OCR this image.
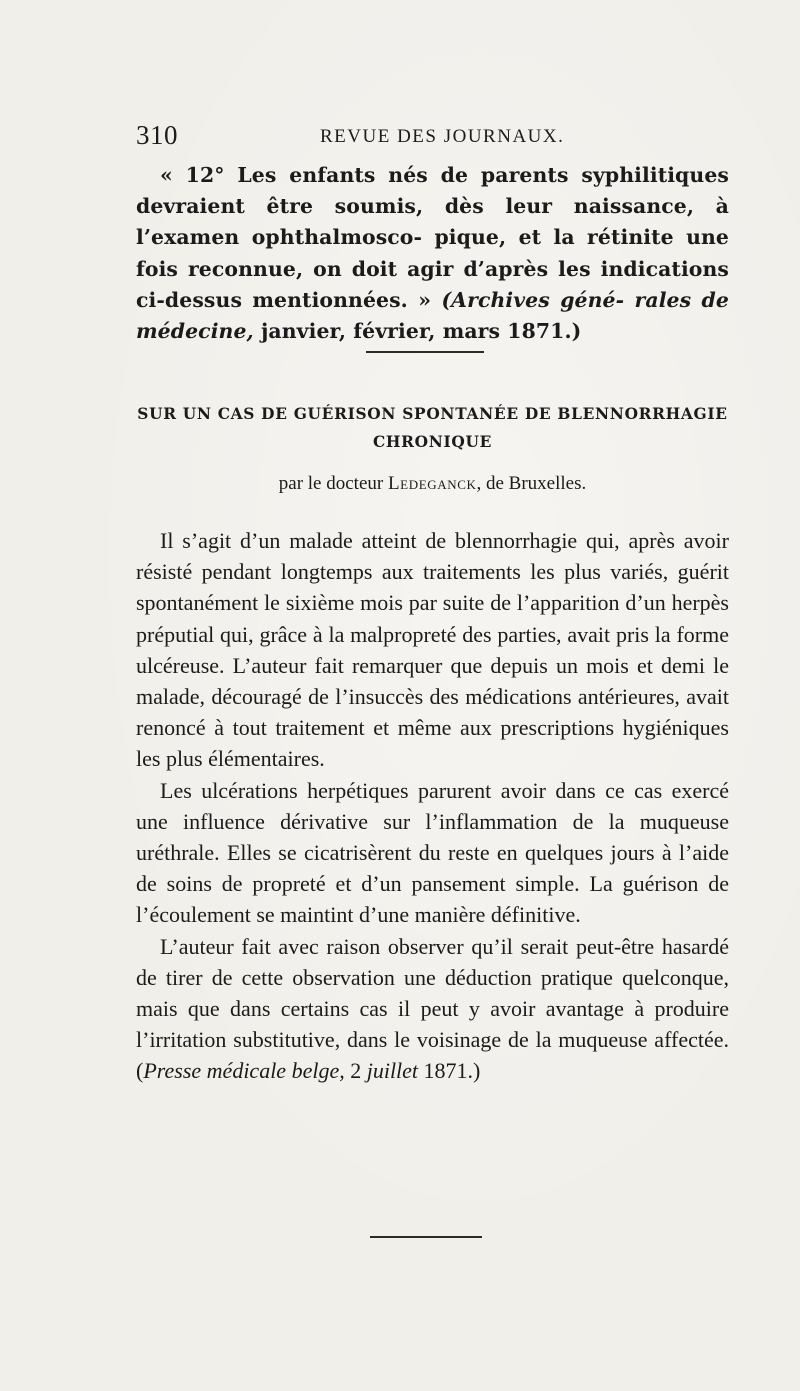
310	REVUE DES JOURNAUX.

« 12° Les enfants nés de parents syphilitiques devraient être soumis, dès leur naissance, à l’examen ophthalmosco- pique, et la rétinite une fois reconnue, on doit agir d’après les indications ci-dessus mentionnées. » (Archives géné- rales de médecine, janvier, février, mars 1871.)

SUR UN CAS DE GUÉRISON SPONTANÉE DE BLENNORRHAGIE
CHRONIQUE
par le docteur Ledeganck, de Bruxelles.

Il s’agit d’un malade atteint de blennorrhagie qui, après avoir résisté pendant longtemps aux traitements les plus variés, guérit spontanément le sixième mois par suite de l’apparition d’un herpès préputial qui, grâce à la malpropreté des parties, avait pris la forme ulcéreuse. L’auteur fait remarquer que depuis un mois et demi le malade, découragé de l’insuccès des médications antérieures, avait renoncé à tout traitement et même aux prescriptions hygiéniques les plus élémentaires.

Les ulcérations herpétiques parurent avoir dans ce cas exercé une influence dérivative sur l’inflammation de la muqueuse uréthrale. Elles se cicatrisèrent du reste en quelques jours à l’aide de soins de propreté et d’un pansement simple. La guérison de l’écoulement se maintint d’une manière définitive.

L’auteur fait avec raison observer qu’il serait peut-être hasardé de tirer de cette observation une déduction pratique quelconque, mais que dans certains cas il peut y avoir avantage à produire l’irritation substitutive, dans le voisinage de la muqueuse affectée. (Presse médicale belge, 2 juillet 1871.)
